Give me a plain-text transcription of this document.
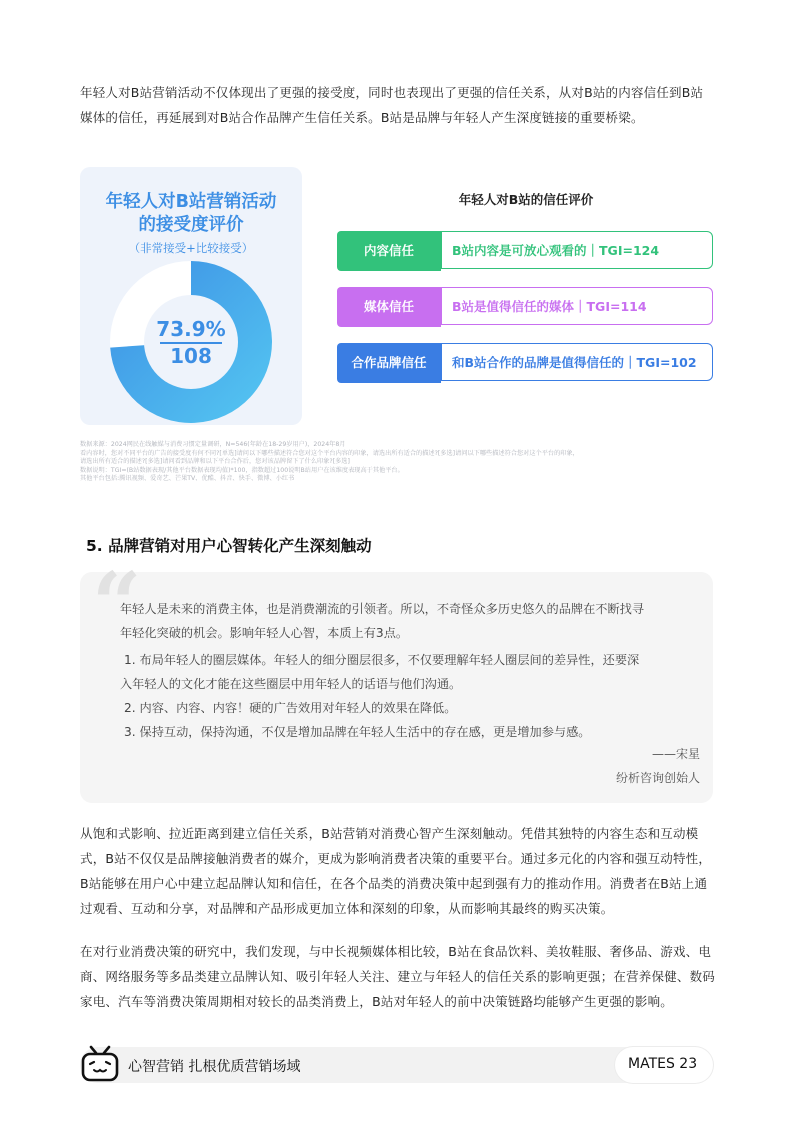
年轻人对B站营销活动不仅体现出了更强的接受度，同时也表现出了更强的信任关系，从对B站的内容信任到B站媒体的信任，再延展到对B站合作品牌产生信任关系。B站是品牌与年轻人产生深度链接的重要桥梁。
年轻人对B站营销活动
的接受度评价
（非常接受+比较接受）
73.9%
108
年轻人对B站的信任评价
内容信任	B站内容是可放心观看的｜TGI=124
媒体信任	B站是值得信任的媒体｜TGI=114
合作品牌信任	和B站合作的品牌是值得信任的｜TGI=102
数据来源：2024网民在线触媒与消费习惯定量调研，N=546(年龄在18-29岁用户)，2024年8月
看内容时，您对不同平台的广告的接受度有何不同?[单选]请问以下哪些描述符合您对这个平台内容的印象，请选出所有适合的描述?[多选]请问以下哪些描述符合您对这个平台的印象，
请选出所有适合的描述?[多选]请问看到品牌和以下平台合作后，您对该品牌留下了什么印象?[多选]
数据说明：TGI=(B站数据表现/其他平台数据表现均值)*100，指数超过100说明B站用户在该维度表现高于其他平台。
其他平台包括:腾讯视频、爱奇艺、芒果TV、优酷、抖音、快手、微博、小红书
5. 品牌营销对用户心智转化产生深刻触动
“
年轻人是未来的消费主体，也是消费潮流的引领者。所以，不奇怪众多历史悠久的品牌在不断找寻
年轻化突破的机会。影响年轻人心智，本质上有3点。
1. 布局年轻人的圈层媒体。年轻人的细分圈层很多，不仅要理解年轻人圈层间的差异性，还要深
入年轻人的文化才能在这些圈层中用年轻人的话语与他们沟通。
2. 内容、内容、内容！硬的广告效用对年轻人的效果在降低。
3. 保持互动，保持沟通，不仅是增加品牌在年轻人生活中的存在感，更是增加参与感。
——宋星
纷析咨询创始人
从饱和式影响、拉近距离到建立信任关系，B站营销对消费心智产生深刻触动。凭借其独特的内容生态和互动模式，B站不仅仅是品牌接触消费者的媒介，更成为影响消费者决策的重要平台。通过多元化的内容和强互动特性，B站能够在用户心中建立起品牌认知和信任，在各个品类的消费决策中起到强有力的推动作用。消费者在B站上通过观看、互动和分享，对品牌和产品形成更加立体和深刻的印象，从而影响其最终的购买决策。
在对行业消费决策的研究中，我们发现，与中长视频媒体相比较，B站在食品饮料、美妆鞋服、奢侈品、游戏、电商、网络服务等多品类建立品牌认知、吸引年轻人关注、建立与年轻人的信任关系的影响更强；在营养保健、数码家电、汽车等消费决策周期相对较长的品类消费上，B站对年轻人的前中决策链路均能够产生更强的影响。
心智营销 扎根优质营销场域	MATES 23
